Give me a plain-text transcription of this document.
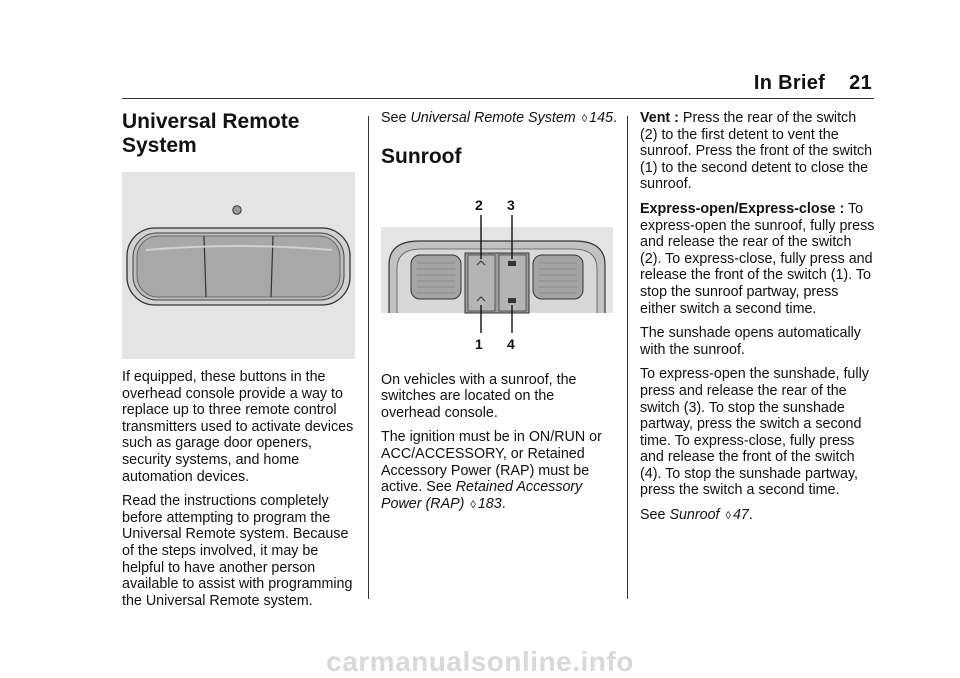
In Brief 21
Universal Remote System

If equipped, these buttons in the overhead console provide a way to replace up to three remote control transmitters used to activate devices such as garage door openers, security systems, and home automation devices.

Read the instructions completely before attempting to program the Universal Remote system. Because of the steps involved, it may be helpful to have another person available to assist with programming the Universal Remote system.

See Universal Remote System ◊ 145.

Sunroof
2 3
1 4

On vehicles with a sunroof, the switches are located on the overhead console.

The ignition must be in ON/RUN or ACC/ACCESSORY, or Retained Accessory Power (RAP) must be active. See Retained Accessory Power (RAP) ◊ 183.

Vent : Press the rear of the switch (2) to the first detent to vent the sunroof. Press the front of the switch (1) to the second detent to close the sunroof.

Express-open/Express-close : To express-open the sunroof, fully press and release the rear of the switch (2). To express-close, fully press and release the front of the switch (1). To stop the sunroof partway, press either switch a second time.

The sunshade opens automatically with the sunroof.

To express-open the sunshade, fully press and release the rear of the switch (3). To stop the sunshade partway, press the switch a second time. To express-close, fully press and release the front of the switch (4). To stop the sunshade partway, press the switch a second time.

See Sunroof ◊ 47.

carmanualsonline.info
